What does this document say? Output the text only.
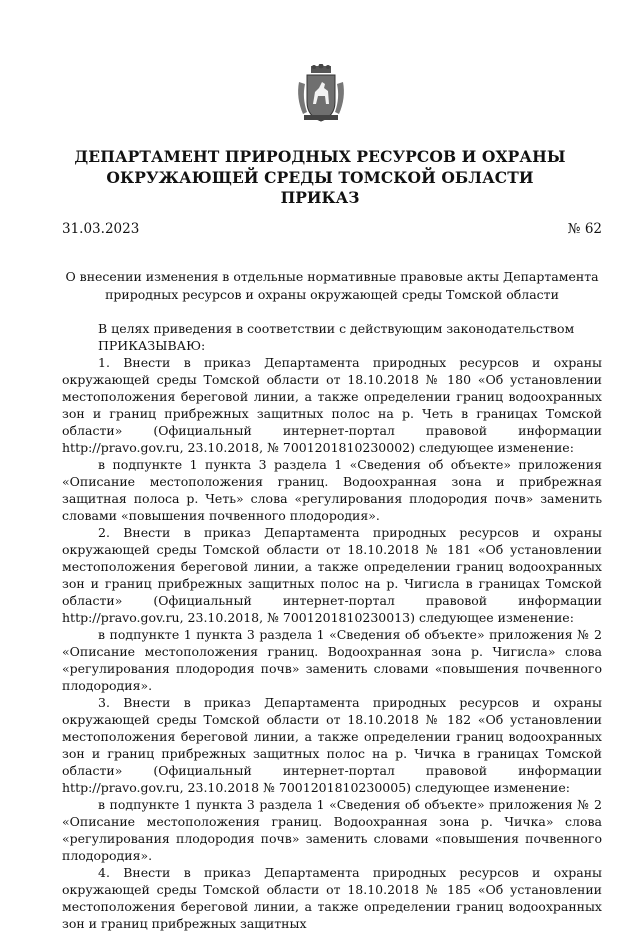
ДЕПАРТАМЕНТ ПРИРОДНЫХ РЕСУРСОВ И ОХРАНЫ ОКРУЖАЮЩЕЙ СРЕДЫ ТОМСКОЙ ОБЛАСТИ
ПРИКАЗ
31.03.2023	№ 62
О внесении изменения в отдельные нормативные правовые акты Департамента природных ресурсов и охраны окружающей среды Томской области

В целях приведения в соответствии с действующим законодательством

ПРИКАЗЫВАЮ:

1. Внести в приказ Департамента природных ресурсов и охраны окружающей среды Томской области от 18.10.2018 № 180 «Об установлении местоположения береговой линии, а также определении границ водоохранных зон и границ прибрежных защитных полос на р. Четь в границах Томской области» (Официальный интернет-портал правовой информации http://pravo.gov.ru, 23.10.2018, № 7001201810230002) следующее изменение:

в подпункте 1 пункта 3 раздела 1 «Сведения об объекте» приложения «Описание местоположения границ. Водоохранная зона и прибрежная защитная полоса р. Четь» слова «регулирования плодородия почв» заменить словами «повышения почвенного плодородия».

2. Внести в приказ Департамента природных ресурсов и охраны окружающей среды Томской области от 18.10.2018 № 181 «Об установлении местоположения береговой линии, а также определении границ водоохранных зон и границ прибрежных защитных полос на р. Чигисла в границах Томской области» (Официальный интернет-портал правовой информации http://pravo.gov.ru, 23.10.2018, № 7001201810230013) следующее изменение:

в подпункте 1 пункта 3 раздела 1 «Сведения об объекте» приложения № 2 «Описание местоположения границ. Водоохранная зона р. Чигисла» слова «регулирования плодородия почв» заменить словами «повышения почвенного плодородия».

3. Внести в приказ Департамента природных ресурсов и охраны окружающей среды Томской области от 18.10.2018 № 182 «Об установлении местоположения береговой линии, а также определении границ водоохранных зон и границ прибрежных защитных полос на р. Чичка в границах Томской области» (Официальный интернет-портал правовой информации http://pravo.gov.ru, 23.10.2018 № 7001201810230005) следующее изменение:

в подпункте 1 пункта 3 раздела 1 «Сведения об объекте» приложения № 2 «Описание местоположения границ. Водоохранная зона р. Чичка» слова «регулирования плодородия почв» заменить словами «повышения почвенного плодородия».

4. Внести в приказ Департамента природных ресурсов и охраны окружающей среды Томской области от 18.10.2018 № 185 «Об установлении местоположения береговой линии, а также определении границ водоохранных зон и границ прибрежных защитных
